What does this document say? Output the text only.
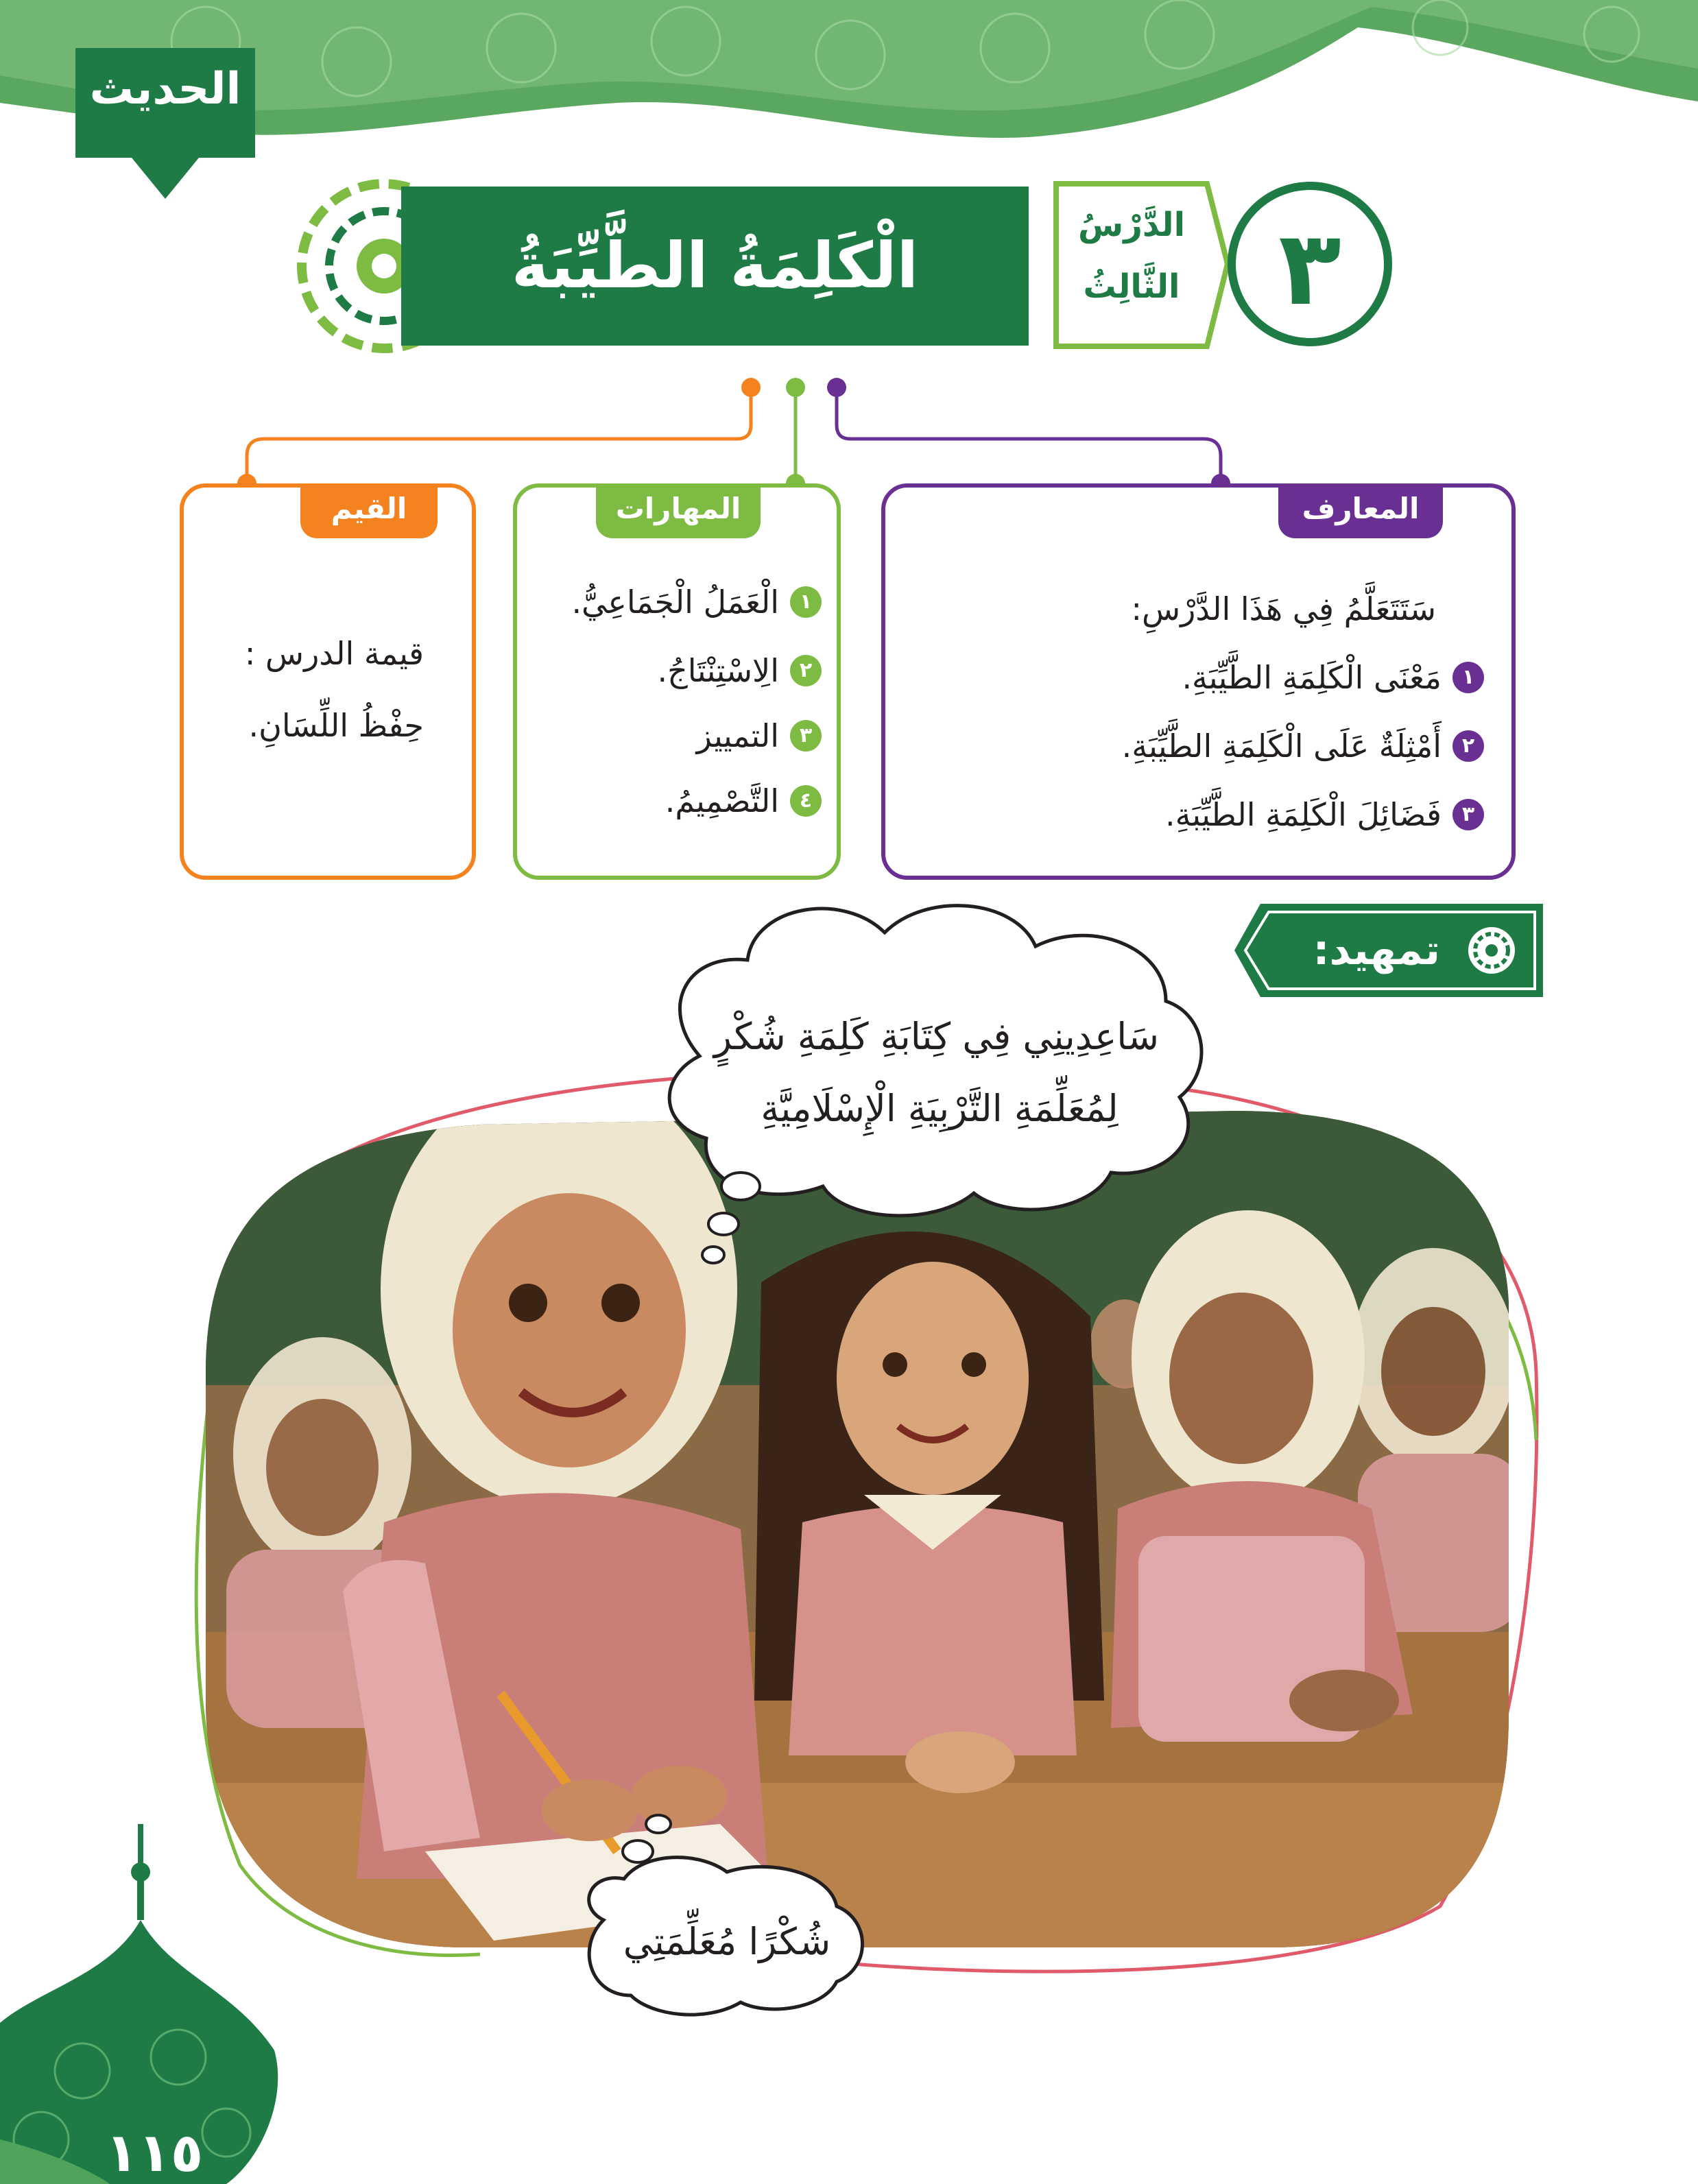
الحديث
٣
الدَّرْسُ
الثَّالِثُ
الْكَلِمَةُ الطَّيِّبَةُ
المعارف
سَتَتَعَلَّمُ فِي هَذَا الدَّرْسِ:
١
مَعْنَى الْكَلِمَةِ الطَّيِّبَةِ.
٢
أَمْثِلَةٌ عَلَى الْكَلِمَةِ الطَّيِّبَةِ.
٣
فَضَائِلَ الْكَلِمَةِ الطَّيِّبَةِ.
المهارات
١
الْعَمَلُ الْجَمَاعِيُّ.
٢
الِاسْتِنْتَاجُ.
٣
التمييز
٤
التَّصْمِيمُ.
القيم
قيمة الدرس :
حِفْظُ اللِّسَانِ.
تمهيد:
سَاعِدِينِي فِي كِتَابَةِ كَلِمَةِ شُكْرٍ
لِمُعَلِّمَةِ التَّرْبِيَةِ الْإِسْلَامِيَّةِ
شُكْرًا مُعَلِّمَتِي
١١٥
